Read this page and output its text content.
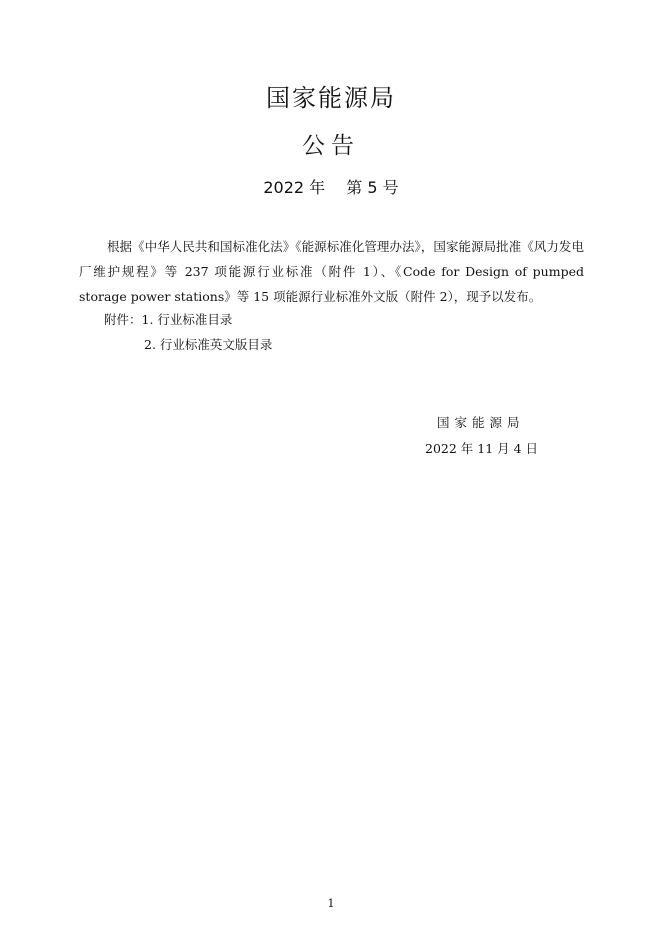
国家能源局
公告
2022 年　 第 5 号

根据《中华人民共和国标准化法》《能源标准化管理办法》，国家能源局批准《风力发电厂维护规程》等 237 项能源行业标准（附件 1）、《Code for Design of pumped storage power stations》等 15 项能源行业标准外文版（附件 2），现予以发布。

附件：1. 行业标准目录
2. 行业标准英文版目录
国家能源局
2022 年 11 月 4 日
1
